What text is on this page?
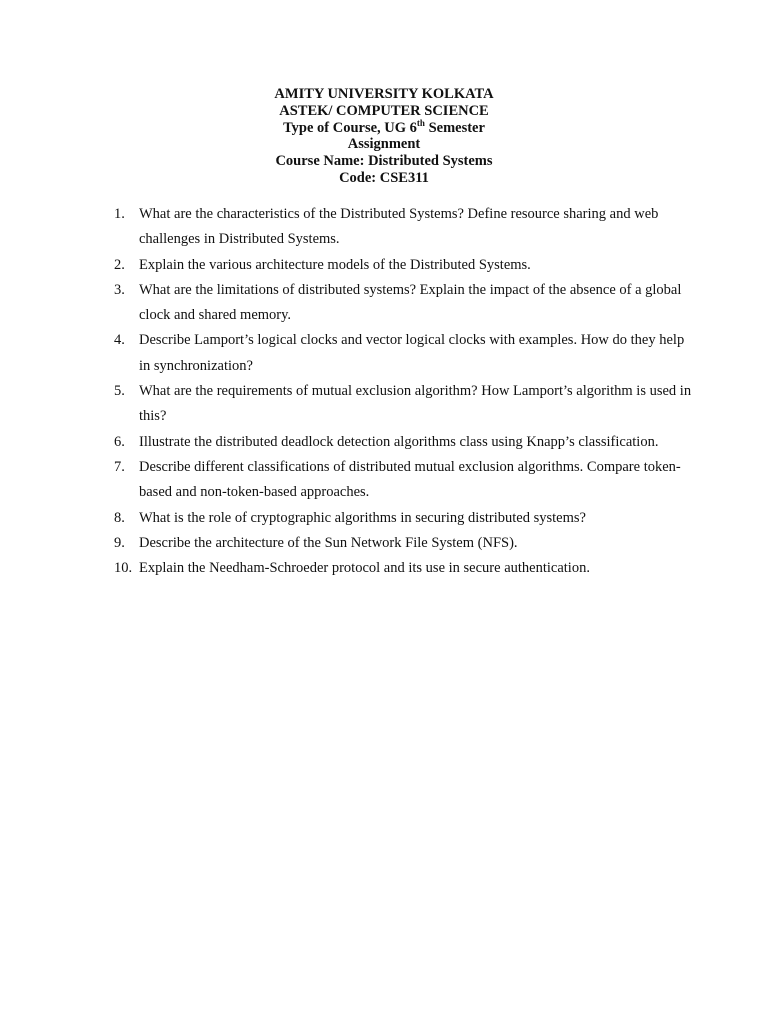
AMITY UNIVERSITY KOLKATA
ASTEK/ COMPUTER SCIENCE
Type of Course, UG 6th Semester
Assignment
Course Name: Distributed Systems
Code: CSE311
1. What are the characteristics of the Distributed Systems? Define resource sharing and web challenges in Distributed Systems.
2. Explain the various architecture models of the Distributed Systems.
3. What are the limitations of distributed systems? Explain the impact of the absence of a global clock and shared memory.
4. Describe Lamport’s logical clocks and vector logical clocks with examples. How do they help in synchronization?
5. What are the requirements of mutual exclusion algorithm? How Lamport’s algorithm is used in this?
6. Illustrate the distributed deadlock detection algorithms class using Knapp’s classification.
7. Describe different classifications of distributed mutual exclusion algorithms. Compare token-based and non-token-based approaches.
8. What is the role of cryptographic algorithms in securing distributed systems?
9. Describe the architecture of the Sun Network File System (NFS).
10. Explain the Needham-Schroeder protocol and its use in secure authentication.
